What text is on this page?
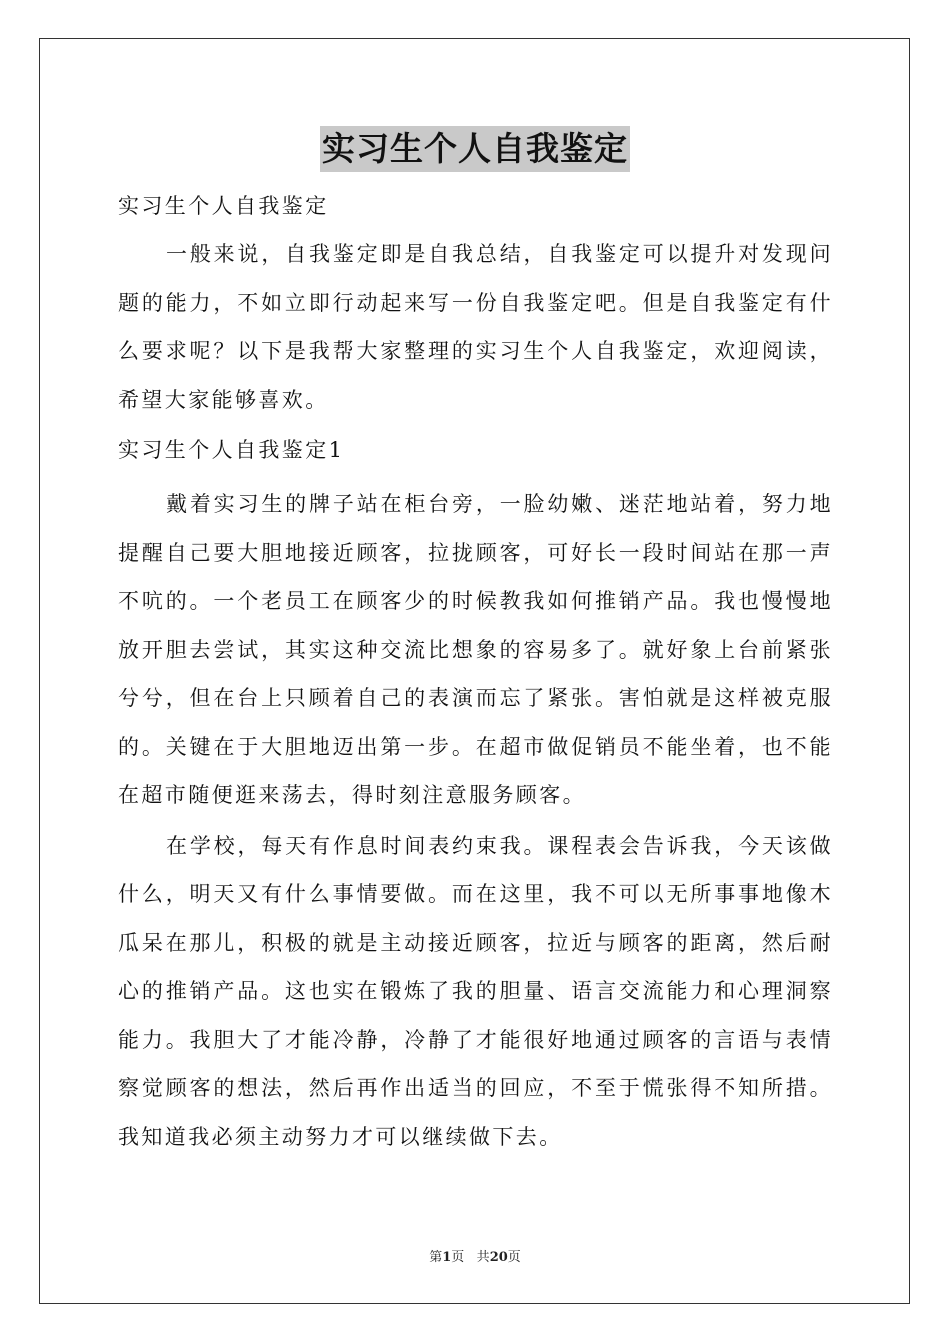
实习生个人自我鉴定
实习生个人自我鉴定

一般来说，自我鉴定即是自我总结，自我鉴定可以提升对发现问题的能力，不如立即行动起来写一份自我鉴定吧。但是自我鉴定有什么要求呢？以下是我帮大家整理的实习生个人自我鉴定，欢迎阅读，希望大家能够喜欢。

实习生个人自我鉴定1

戴着实习生的牌子站在柜台旁，一脸幼嫩、迷茫地站着，努力地提醒自己要大胆地接近顾客，拉拢顾客，可好长一段时间站在那一声不吭的。一个老员工在顾客少的时候教我如何推销产品。我也慢慢地放开胆去尝试，其实这种交流比想象的容易多了。就好象上台前紧张兮兮，但在台上只顾着自己的表演而忘了紧张。害怕就是这样被克服的。关键在于大胆地迈出第一步。在超市做促销员不能坐着，也不能在超市随便逛来荡去，得时刻注意服务顾客。

在学校，每天有作息时间表约束我。课程表会告诉我，今天该做什么，明天又有什么事情要做。而在这里，我不可以无所事事地像木瓜呆在那儿，积极的就是主动接近顾客，拉近与顾客的距离，然后耐心的推销产品。这也实在锻炼了我的胆量、语言交流能力和心理洞察能力。我胆大了才能冷静，冷静了才能很好地通过顾客的言语与表情察觉顾客的想法，然后再作出适当的回应，不至于慌张得不知所措。我知道我必须主动努力才可以继续做下去。

第1页 共20页
